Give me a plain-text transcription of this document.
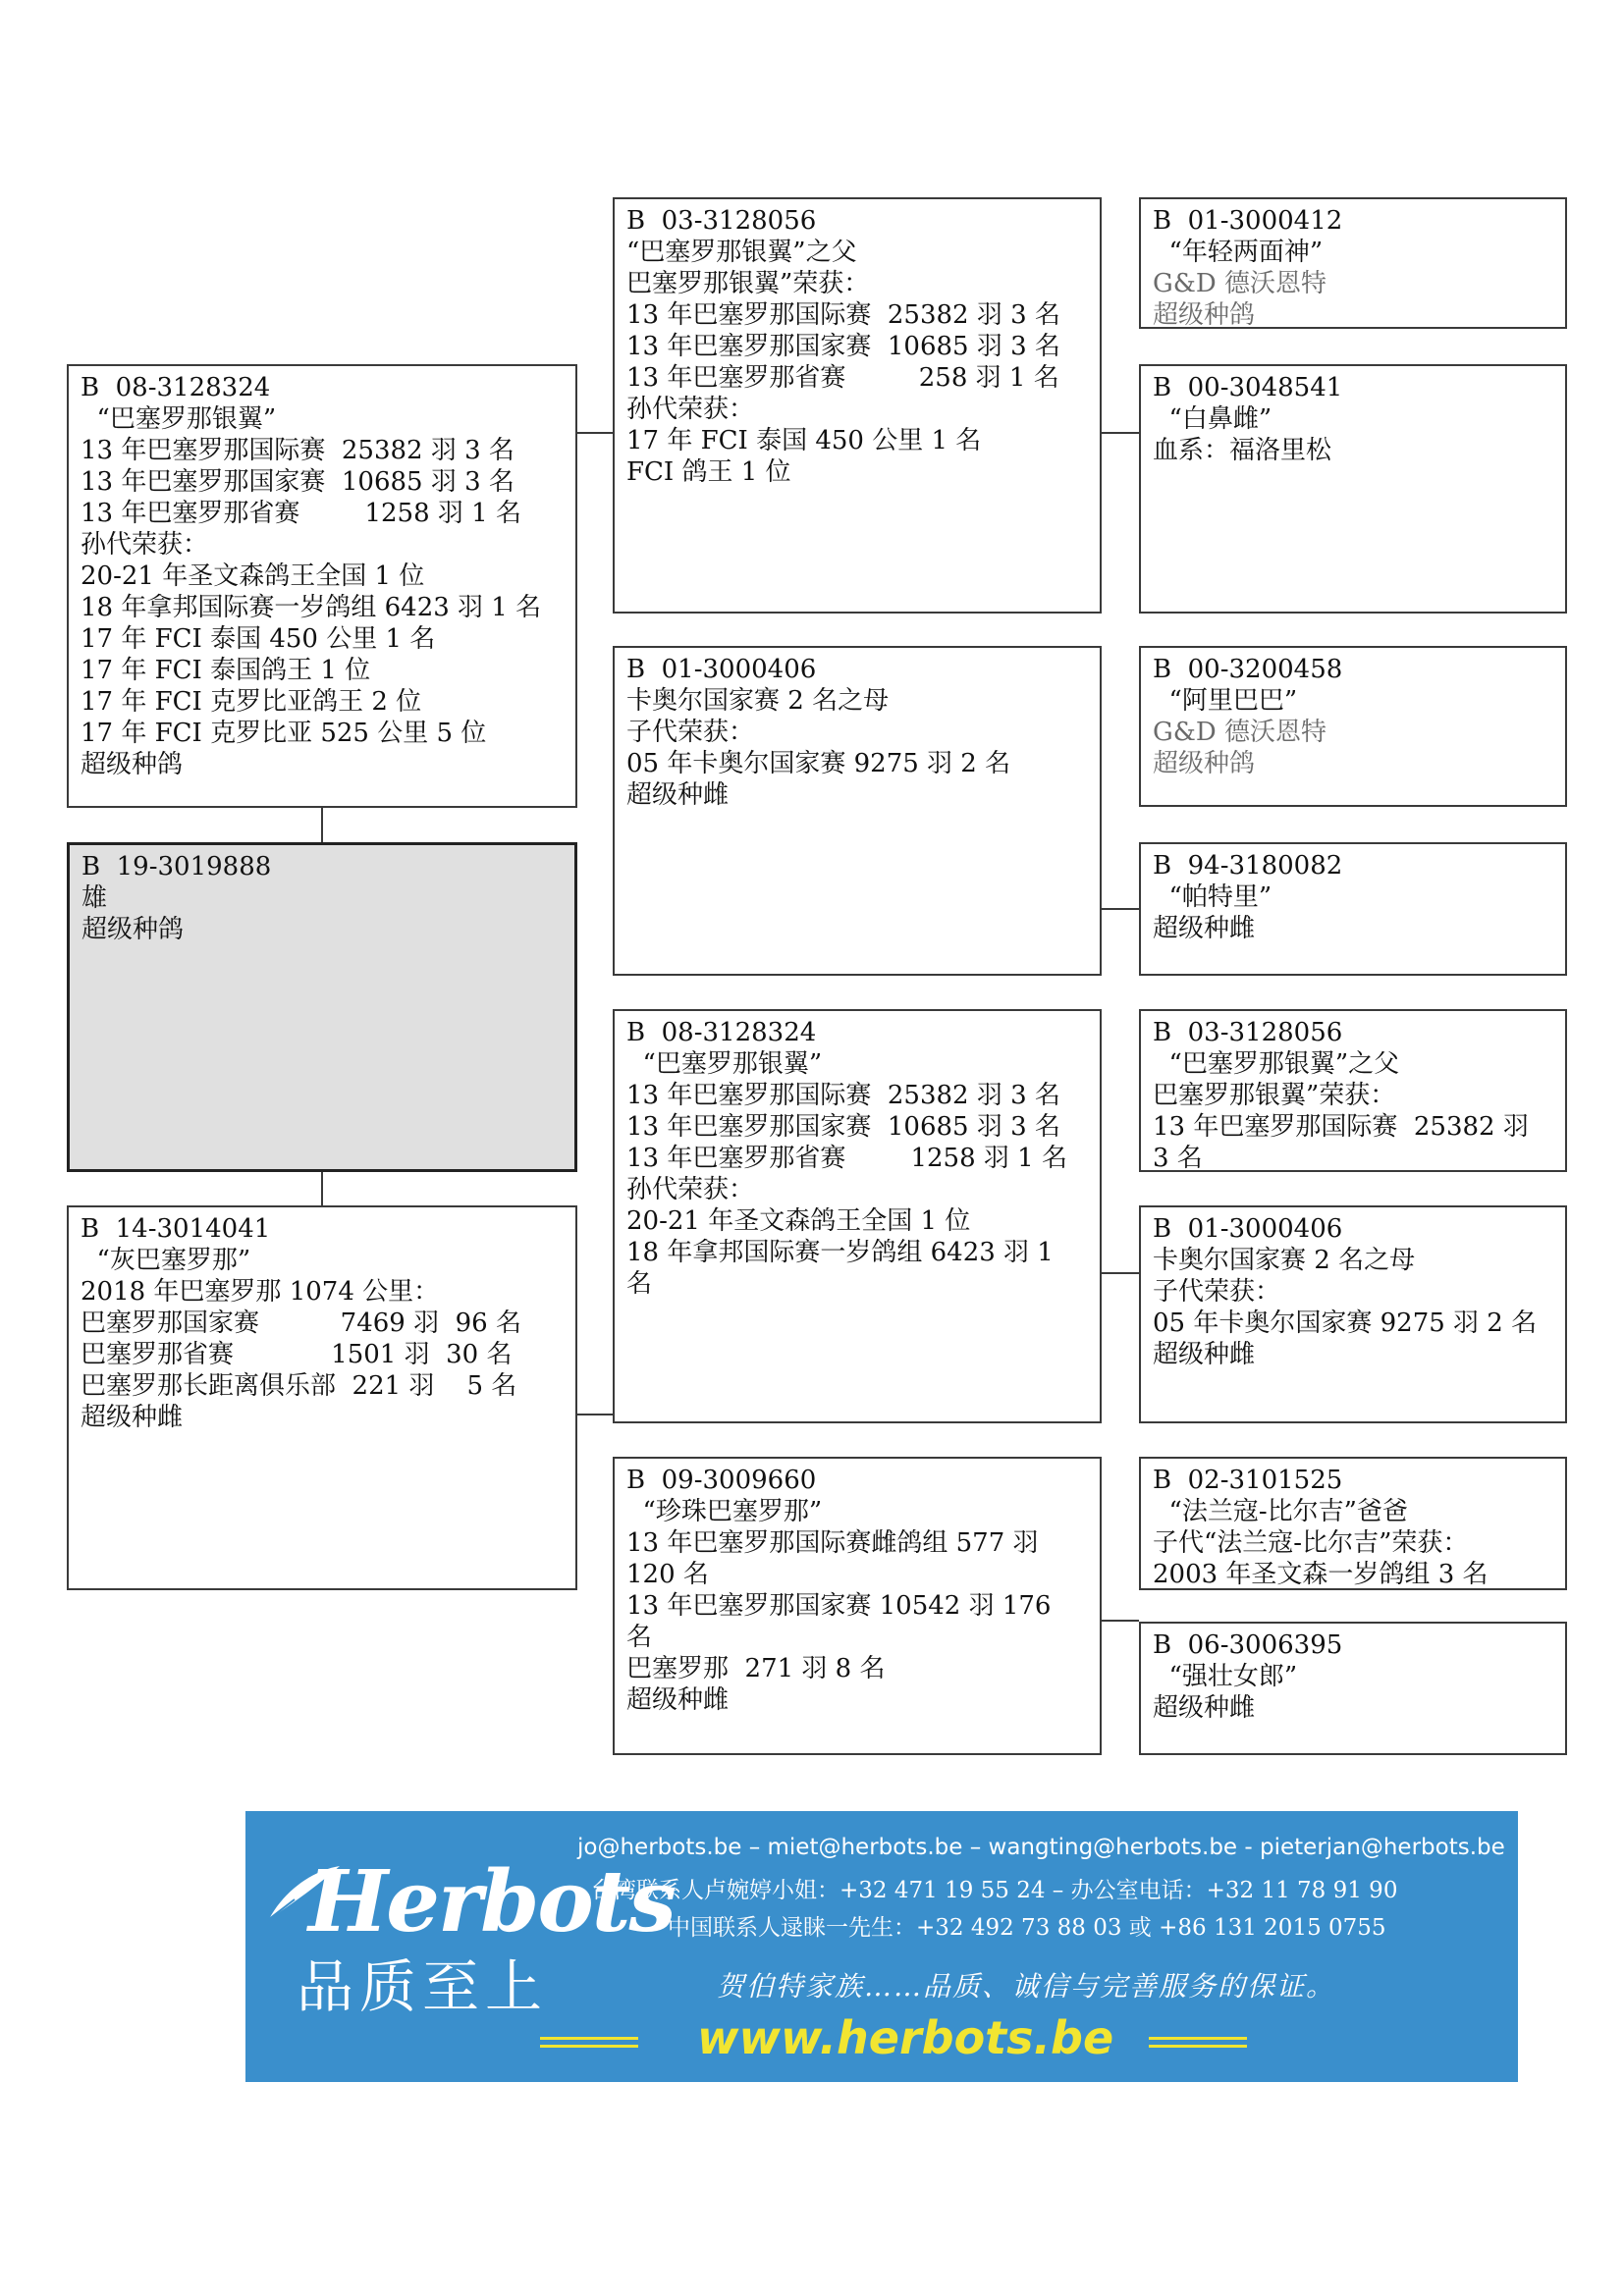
B  08-3128324
“巴塞罗那银翼”
13 年巴塞罗那国际赛  25382 羽 3 名
13 年巴塞罗那国家赛  10685 羽 3 名
13 年巴塞罗那省赛        1258 羽 1 名
孙代荣获：
20-21 年圣文森鸽王全国 1 位
18 年拿邦国际赛一岁鸽组 6423 羽 1 名
17 年 FCI 泰国 450 公里 1 名
17 年 FCI 泰国鸽王 1 位
17 年 FCI 克罗比亚鸽王 2 位
17 年 FCI 克罗比亚 525 公里 5 位
超级种鸽
B  19-3019888
雄
超级种鸽
B  14-3014041
“灰巴塞罗那”
2018 年巴塞罗那 1074 公里：
巴塞罗那国家赛          7469 羽  96 名
巴塞罗那省赛            1501 羽  30 名
巴塞罗那长距离俱乐部  221 羽    5 名
超级种雌
B  03-3128056
“巴塞罗那银翼”之父
巴塞罗那银翼”荣获：
13 年巴塞罗那国际赛  25382 羽 3 名
13 年巴塞罗那国家赛  10685 羽 3 名
13 年巴塞罗那省赛         258 羽 1 名
孙代荣获：
17 年 FCI 泰国 450 公里 1 名
FCI 鸽王 1 位
B  01-3000406
卡奥尔国家赛 2 名之母
子代荣获：
05 年卡奥尔国家赛 9275 羽 2 名
超级种雌
B  08-3128324
“巴塞罗那银翼”
13 年巴塞罗那国际赛  25382 羽 3 名
13 年巴塞罗那国家赛  10685 羽 3 名
13 年巴塞罗那省赛        1258 羽 1 名
孙代荣获：
20-21 年圣文森鸽王全国 1 位
18 年拿邦国际赛一岁鸽组 6423 羽 1
名
B  09-3009660
“珍珠巴塞罗那”
13 年巴塞罗那国际赛雌鸽组 577 羽
120 名
13 年巴塞罗那国家赛 10542 羽 176
名
巴塞罗那  271 羽 8 名
超级种雌
B  01-3000412
“年轻两面神”
G&D 德沃恩特
超级种鸽
B  00-3048541
“白鼻雌”
血系：福洛里松
B  00-3200458
“阿里巴巴”
G&D 德沃恩特
超级种鸽
B  94-3180082
“帕特里”
超级种雌
B  03-3128056
“巴塞罗那银翼”之父
巴塞罗那银翼”荣获：
13 年巴塞罗那国际赛  25382 羽
3 名
B  01-3000406
卡奥尔国家赛 2 名之母
子代荣获：
05 年卡奥尔国家赛 9275 羽 2 名
超级种雌
B  02-3101525
“法兰寇-比尔吉”爸爸
子代“法兰寇-比尔吉”荣获：
2003 年圣文森一岁鸽组 3 名
B  06-3006395
“强壮女郎”
超级种雌
Herbots
品质至上
jo@herbots.be – miet@herbots.be – wangting@herbots.be - pieterjan@herbots.be
台湾联系人卢婉婷小姐：+32 471 19 55 24 – 办公室电话：+32 11 78 91 90
中国联系人逯睐一先生：+32 492 73 88 03 或 +86 131 2015 0755
贺伯特家族……品质、诚信与完善服务的保证。
www.herbots.be
